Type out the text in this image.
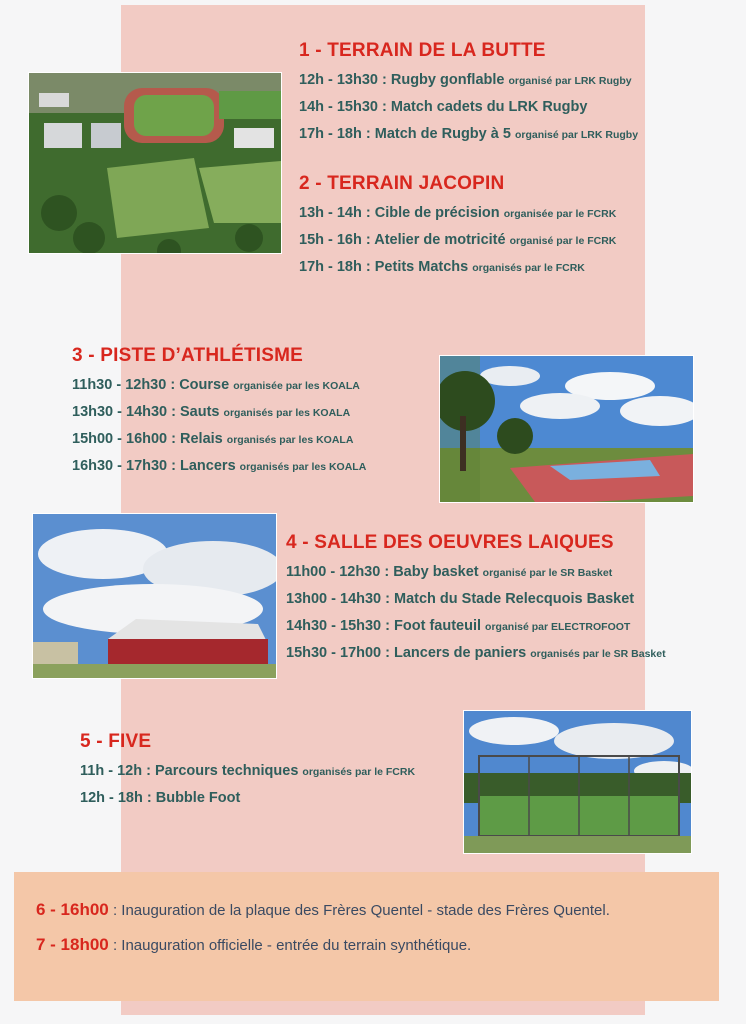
1 - TERRAIN DE LA BUTTE
12h - 13h30 : Rugby gonflable organisé par LRK Rugby
14h - 15h30 : Match cadets du LRK Rugby
17h - 18h : Match de Rugby à 5 organisé par LRK Rugby
2 - TERRAIN JACOPIN
13h - 14h : Cible de précision organisée par le FCRK
15h - 16h : Atelier de motricité organisé par le FCRK
17h - 18h : Petits Matchs organisés par le FCRK
3 - PISTE D’ATHLÉTISME
11h30 - 12h30 : Course organisée par les KOALA
13h30 - 14h30 : Sauts organisés par les KOALA
15h00 - 16h00 : Relais organisés par les KOALA
16h30 - 17h30 : Lancers organisés par les KOALA
4 - SALLE DES OEUVRES LAIQUES
11h00 - 12h30 : Baby basket organisé par le SR Basket
13h00 - 14h30 : Match du Stade Relecquois Basket
14h30 - 15h30 : Foot fauteuil organisé par ELECTROFOOT
15h30 - 17h00 : Lancers de paniers organisés par le SR Basket
5 - FIVE
11h - 12h : Parcours techniques organisés par le FCRK
12h - 18h : Bubble Foot
6 - 16h00 : Inauguration de la plaque des Frères Quentel - stade des Frères Quentel.
7 - 18h00 : Inauguration officielle - entrée du terrain synthétique.
